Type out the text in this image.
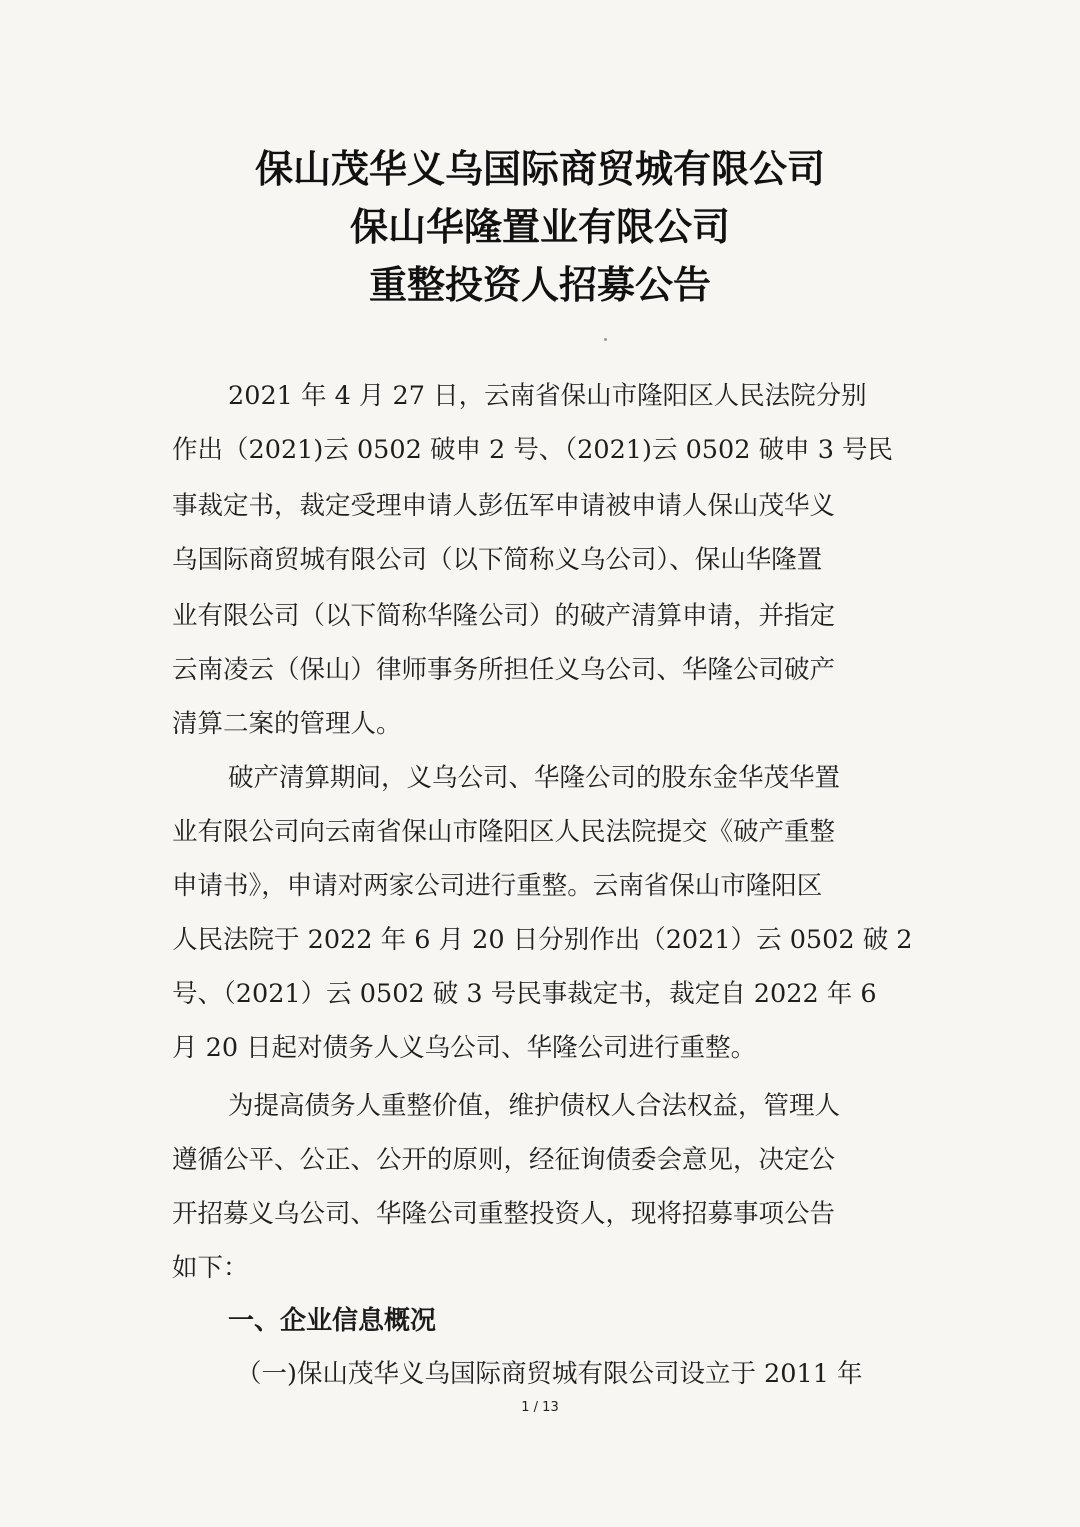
保山茂华义乌国际商贸城有限公司
保山华隆置业有限公司
重整投资人招募公告
2021 年 4 月 27 日，云南省保山市隆阳区人民法院分别
作出（2021)云 0502 破申 2 号、（2021)云 0502 破申 3 号民
事裁定书，裁定受理申请人彭伍军申请被申请人保山茂华义
乌国际商贸城有限公司（以下简称义乌公司）、保山华隆置
业有限公司（以下简称华隆公司）的破产清算申请，并指定
云南凌云（保山）律师事务所担任义乌公司、华隆公司破产
清算二案的管理人。
破产清算期间，义乌公司、华隆公司的股东金华茂华置
业有限公司向云南省保山市隆阳区人民法院提交《破产重整
申请书》，申请对两家公司进行重整。云南省保山市隆阳区
人民法院于 2022 年 6 月 20 日分别作出（2021）云 0502 破 2
号、（2021）云 0502 破 3 号民事裁定书，裁定自 2022 年 6
月 20 日起对债务人义乌公司、华隆公司进行重整。
为提高债务人重整价值，维护债权人合法权益，管理人
遵循公平、公正、公开的原则，经征询债委会意见，决定公
开招募义乌公司、华隆公司重整投资人，现将招募事项公告
如下：
一、企业信息概况
（一)保山茂华义乌国际商贸城有限公司设立于 2011 年
1 / 13
